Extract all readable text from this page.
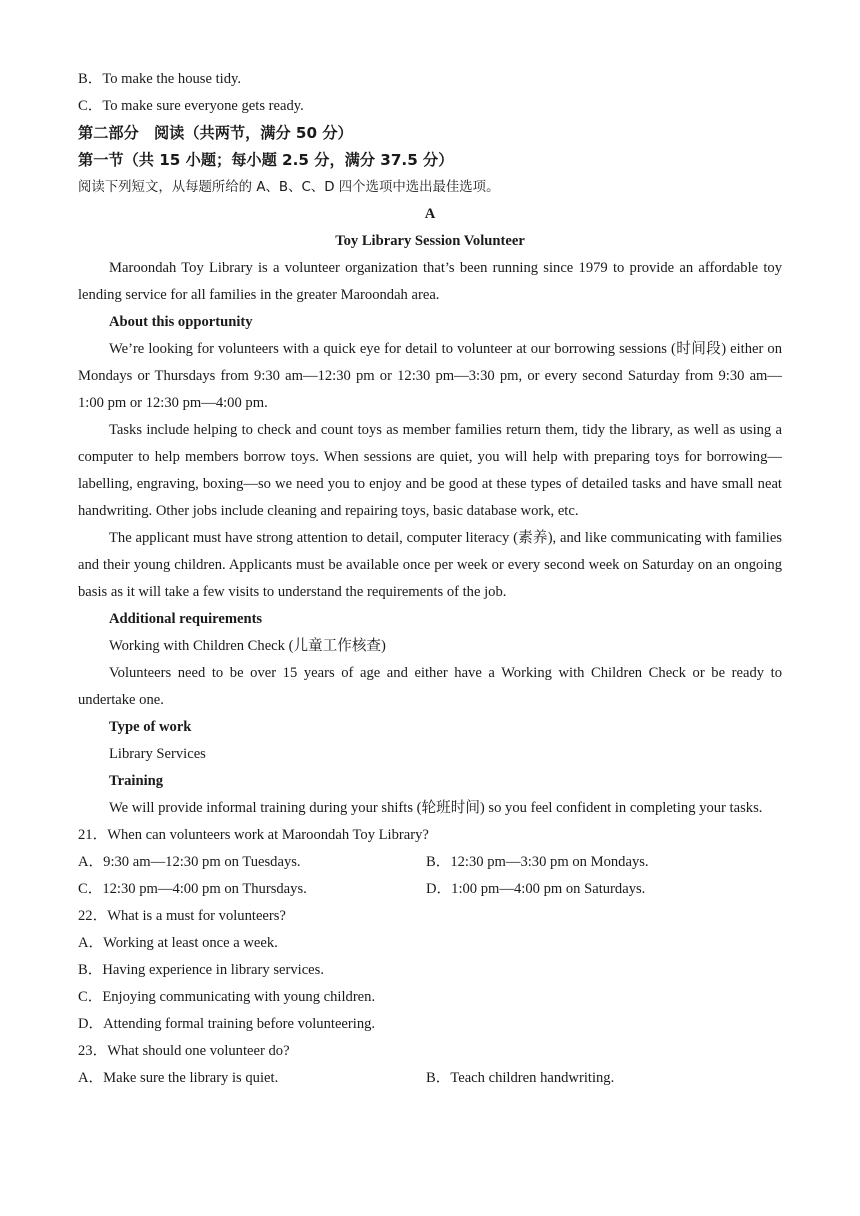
B．To make the house tidy.

C．To make sure everyone gets ready.

第二部分　阅读（共两节，满分 50 分）

第一节（共 15 小题；每小题 2.5 分，满分 37.5 分）

阅读下列短文，从每题所给的 A、B、C、D 四个选项中选出最佳选项。

A

Toy Library Session Volunteer

Maroondah Toy Library is a volunteer organization that’s been running since 1979 to provide an affordable toy lending service for all families in the greater Maroondah area.

About this opportunity

We’re looking for volunteers with a quick eye for detail to volunteer at our borrowing sessions (时间段) either on Mondays or Thursdays from 9:30 am—12:30 pm or 12:30 pm—3:30 pm, or every second Saturday from 9:30 am—1:00 pm or 12:30 pm—4:00 pm.

Tasks include helping to check and count toys as member families return them, tidy the library, as well as using a computer to help members borrow toys. When sessions are quiet, you will help with preparing toys for borrowing—labelling, engraving, boxing—so we need you to enjoy and be good at these types of detailed tasks and have small neat handwriting. Other jobs include cleaning and repairing toys, basic database work, etc.

The applicant must have strong attention to detail, computer literacy (素养), and like communicating with families and their young children. Applicants must be available once per week or every second week on Saturday on an ongoing basis as it will take a few visits to understand the requirements of the job.

Additional requirements

Working with Children Check (儿童工作核查)

Volunteers need to be over 15 years of age and either have a Working with Children Check or be ready to undertake one.

Type of work

Library Services

Training

We will provide informal training during your shifts (轮班时间) so you feel confident in completing your tasks.

21．When can volunteers work at Maroondah Toy Library?

A．9:30 am—12:30 pm on Tuesdays.	B．12:30 pm—3:30 pm on Mondays.
C．12:30 pm—4:00 pm on Thursdays.	D．1:00 pm—4:00 pm on Saturdays.

22．What is a must for volunteers?

A．Working at least once a week.

B．Having experience in library services.

C．Enjoying communicating with young children.

D．Attending formal training before volunteering.

23．What should one volunteer do?

A．Make sure the library is quiet.	B．Teach children handwriting.
